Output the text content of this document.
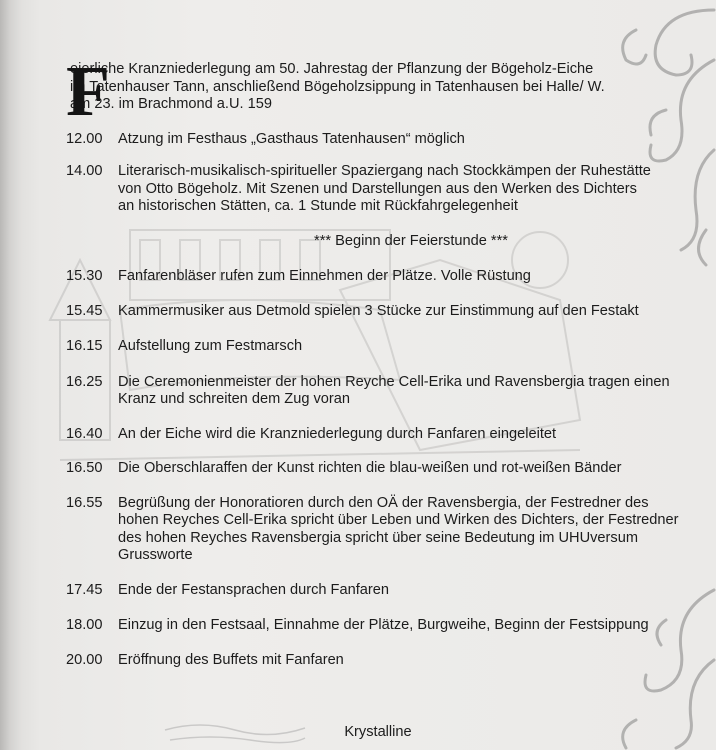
F
eierliche Kranzniederlegung am 50. Jahrestag der Pflanzung der Bögeholz-Eiche
im Tatenhauser Tann, anschließend Bögeholzsippung in Tatenhausen bei Halle/ W.
am 23. im Brachmond a.U. 159
12.00	Atzung im Festhaus „Gasthaus Tatenhausen“ möglich
14.00	Literarisch-musikalisch-spiritueller Spaziergang nach Stockkämpen der Ruhestätte
von Otto Bögeholz. Mit Szenen und Darstellungen aus den Werken des Dichters
an historischen Stätten, ca. 1 Stunde mit Rückfahrgelegenheit
*** Beginn der Feierstunde ***
15.30	Fanfarenbläser rufen zum Einnehmen der Plätze. Volle Rüstung
15.45	Kammermusiker aus Detmold spielen 3 Stücke zur Einstimmung auf den Festakt
16.15	Aufstellung zum Festmarsch
16.25	Die Ceremonienmeister der hohen Reyche Cell-Erika und Ravensbergia tragen einen
Kranz und schreiten dem Zug voran
16.40	An der Eiche wird die Kranzniederlegung durch Fanfaren eingeleitet
16.50	Die Oberschlaraffen der Kunst richten die blau-weißen und rot-weißen Bänder
16.55	Begrüßung der Honoratioren durch den OÄ der Ravensbergia, der Festredner des
hohen Reyches Cell-Erika spricht über Leben und Wirken des Dichters, der Festredner
des hohen Reyches Ravensbergia spricht über seine Bedeutung im UHUversum
Grussworte
17.45	Ende der Festansprachen durch Fanfaren
18.00	Einzug in den Festsaal, Einnahme der Plätze, Burgweihe, Beginn der Festsippung
20.00	Eröffnung des Buffets mit Fanfaren
Krystalline
